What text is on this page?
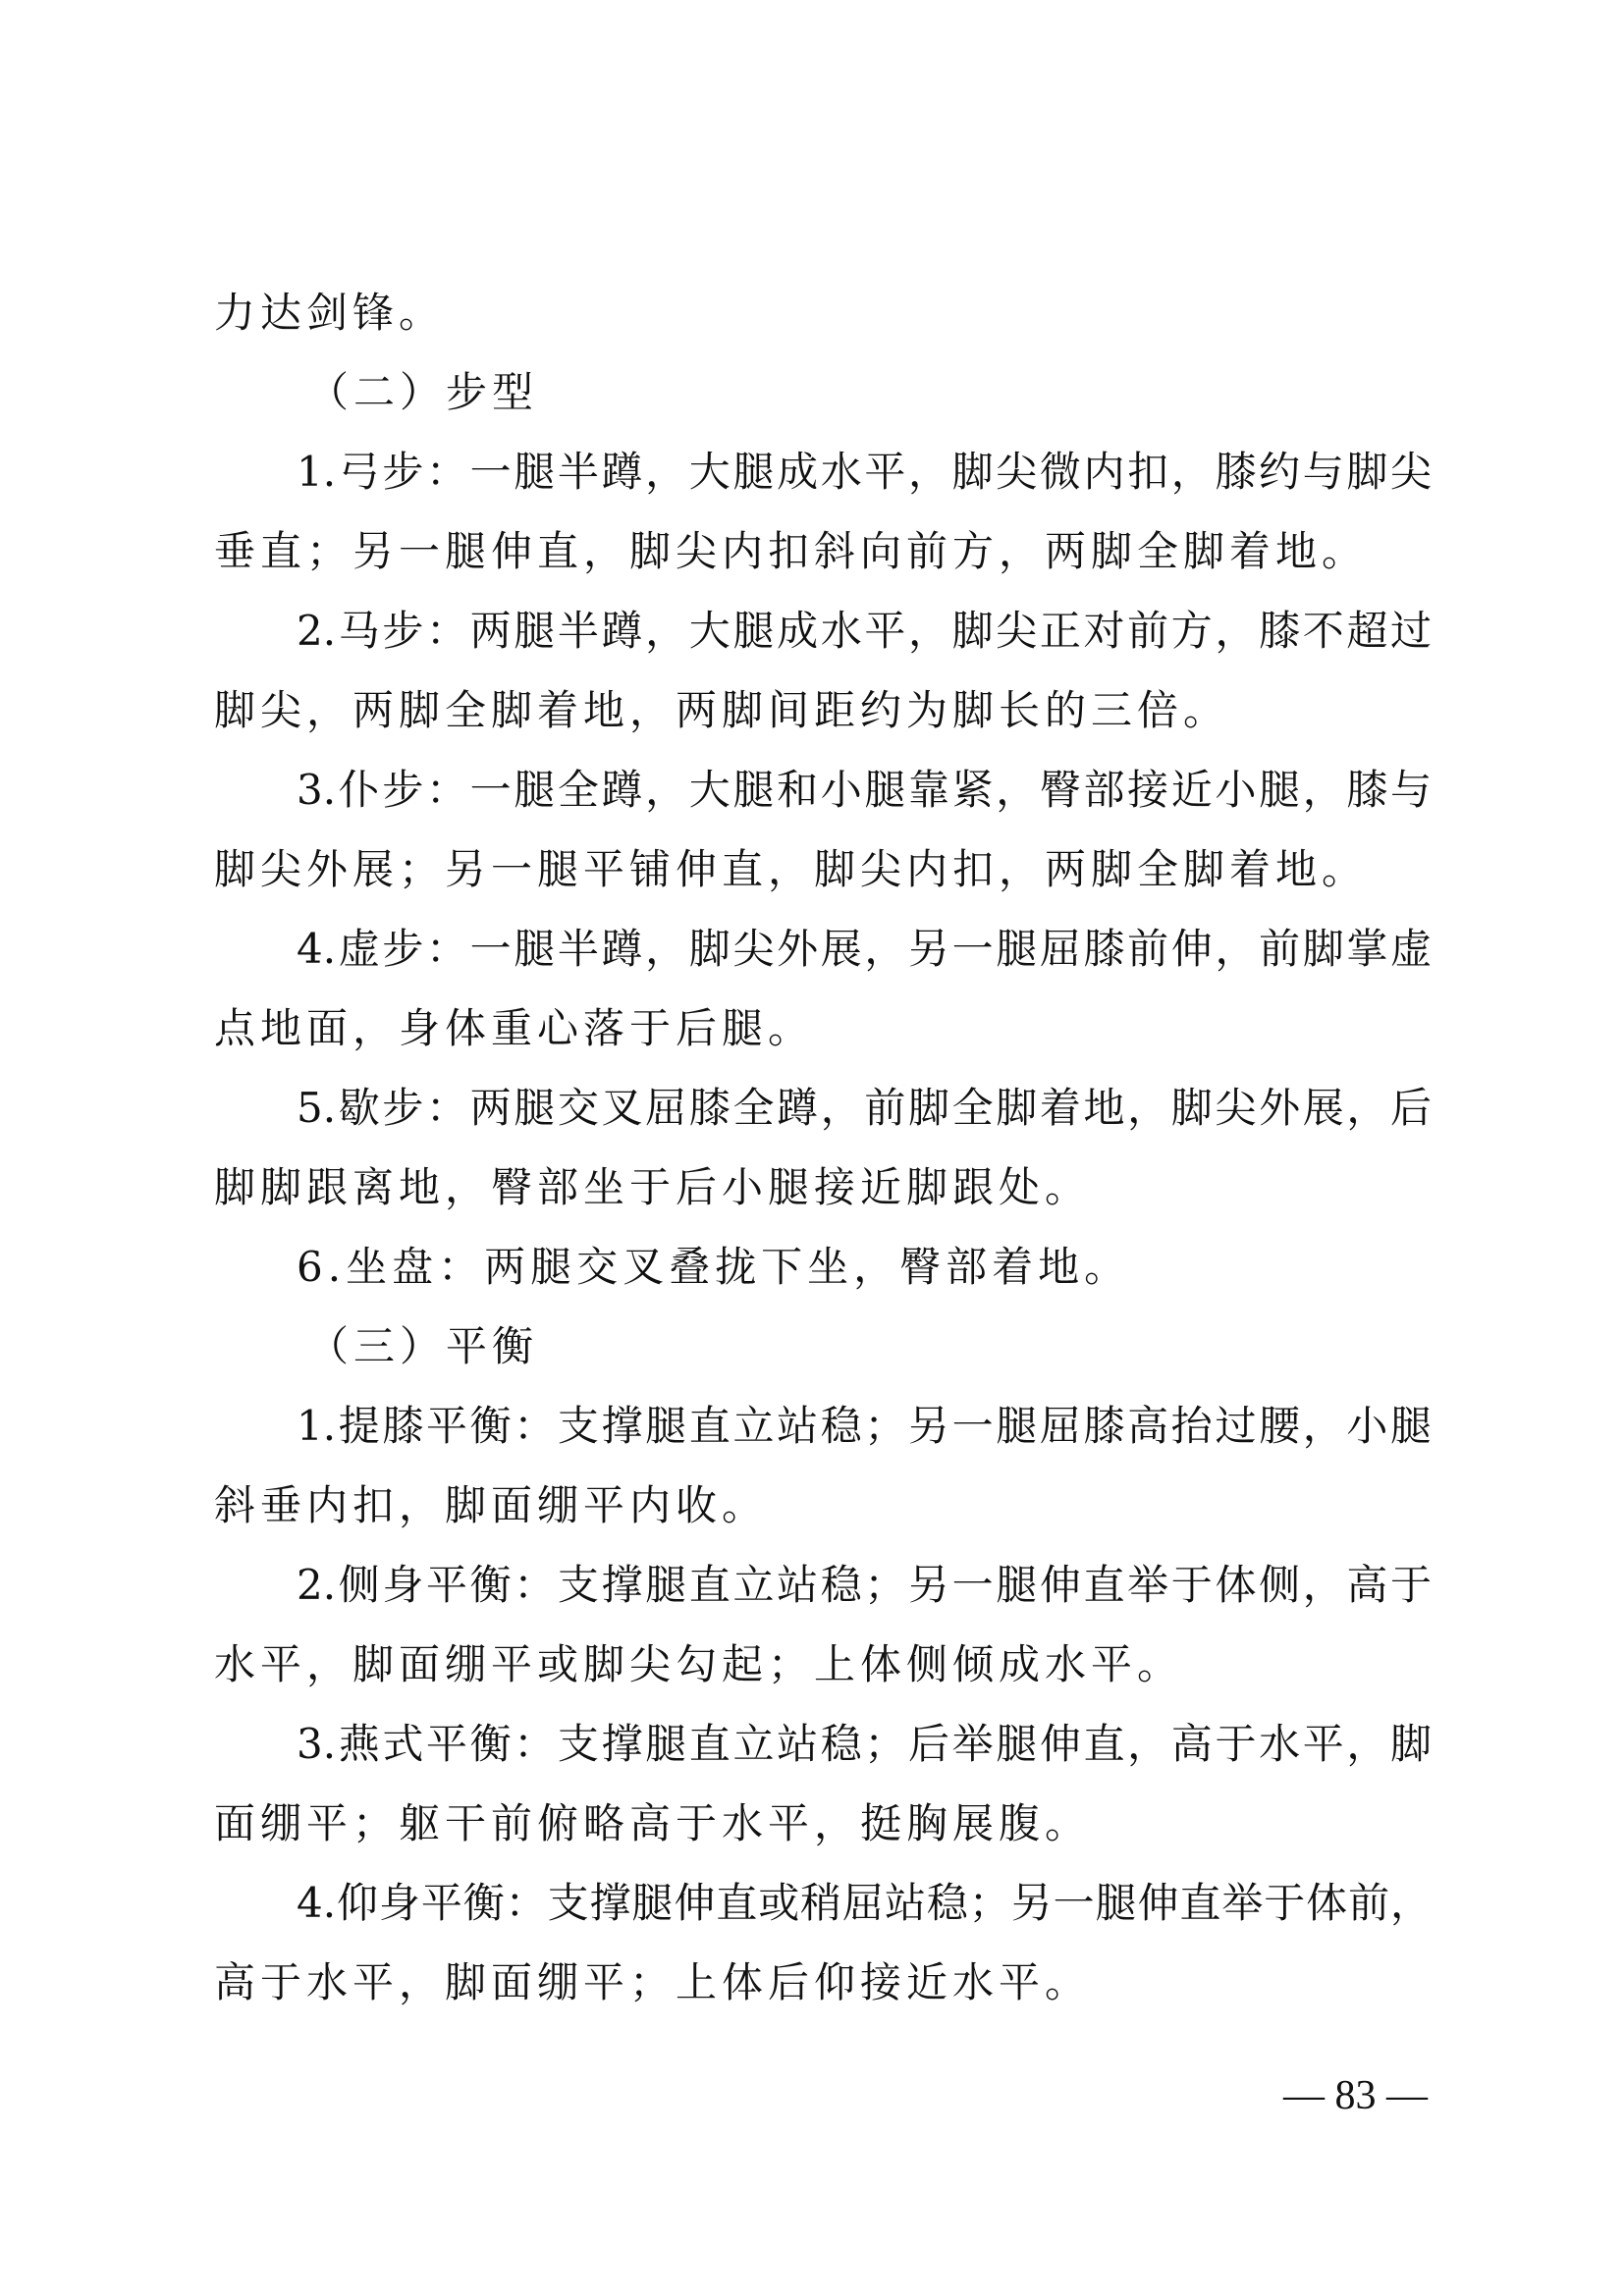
力达剑锋。
（二）步型
1.弓步：一腿半蹲，大腿成水平，脚尖微内扣，膝约与脚尖
垂直；另一腿伸直，脚尖内扣斜向前方，两脚全脚着地。
2.马步：两腿半蹲，大腿成水平，脚尖正对前方，膝不超过
脚尖，两脚全脚着地，两脚间距约为脚长的三倍。
3.仆步：一腿全蹲，大腿和小腿靠紧，臀部接近小腿，膝与
脚尖外展；另一腿平铺伸直，脚尖内扣，两脚全脚着地。
4.虚步：一腿半蹲，脚尖外展，另一腿屈膝前伸，前脚掌虚
点地面，身体重心落于后腿。
5.歇步：两腿交叉屈膝全蹲，前脚全脚着地，脚尖外展，后
脚脚跟离地，臀部坐于后小腿接近脚跟处。
6.坐盘：两腿交叉叠拢下坐，臀部着地。
（三）平衡
1.提膝平衡：支撑腿直立站稳；另一腿屈膝高抬过腰，小腿
斜垂内扣，脚面绷平内收。
2.侧身平衡：支撑腿直立站稳；另一腿伸直举于体侧，高于
水平，脚面绷平或脚尖勾起；上体侧倾成水平。
3.燕式平衡：支撑腿直立站稳；后举腿伸直，高于水平，脚
面绷平；躯干前俯略高于水平，挺胸展腹。
4.仰身平衡：支撑腿伸直或稍屈站稳；另一腿伸直举于体前，
高于水平，脚面绷平；上体后仰接近水平。
— 83 —
